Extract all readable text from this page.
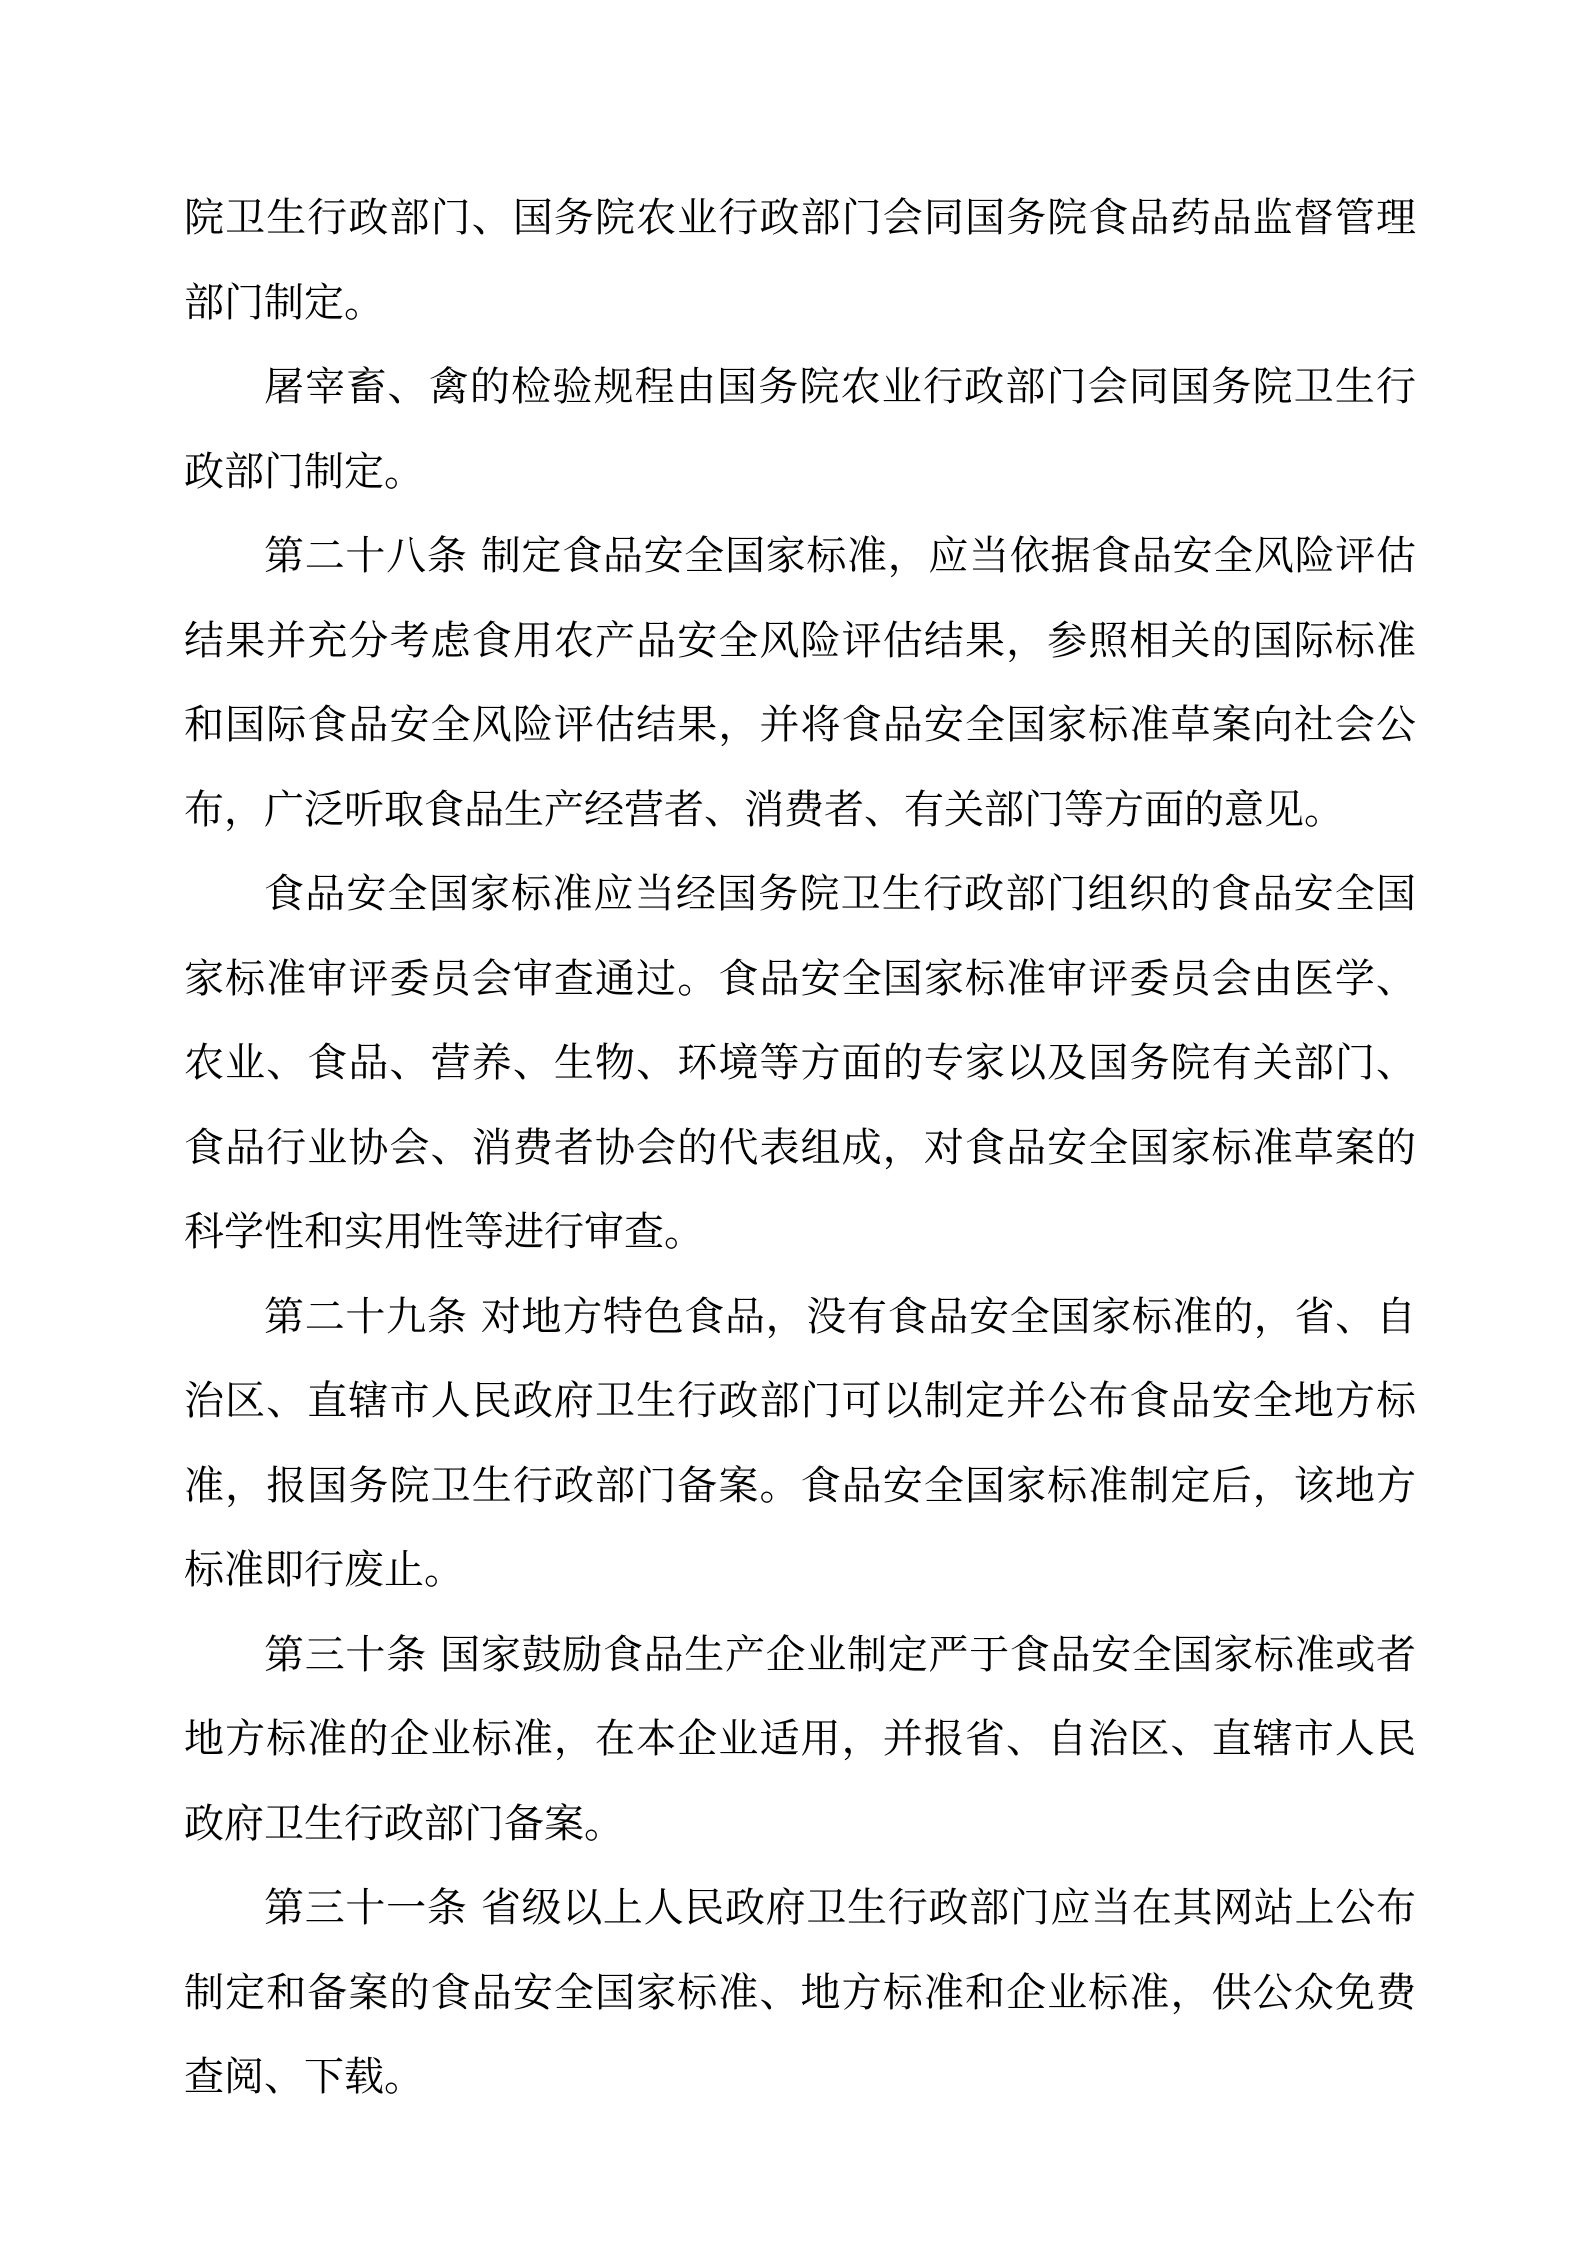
院卫生行政部门、国务院农业行政部门会同国务院食品药品监督管理部门制定。

屠宰畜、禽的检验规程由国务院农业行政部门会同国务院卫生行政部门制定。

第二十八条 制定食品安全国家标准，应当依据食品安全风险评估结果并充分考虑食用农产品安全风险评估结果，参照相关的国际标准和国际食品安全风险评估结果，并将食品安全国家标准草案向社会公布，广泛听取食品生产经营者、消费者、有关部门等方面的意见。

食品安全国家标准应当经国务院卫生行政部门组织的食品安全国家标准审评委员会审查通过。食品安全国家标准审评委员会由医学、农业、食品、营养、生物、环境等方面的专家以及国务院有关部门、食品行业协会、消费者协会的代表组成，对食品安全国家标准草案的科学性和实用性等进行审查。

第二十九条 对地方特色食品，没有食品安全国家标准的，省、自治区、直辖市人民政府卫生行政部门可以制定并公布食品安全地方标准，报国务院卫生行政部门备案。食品安全国家标准制定后，该地方标准即行废止。

第三十条 国家鼓励食品生产企业制定严于食品安全国家标准或者地方标准的企业标准，在本企业适用，并报省、自治区、直辖市人民政府卫生行政部门备案。

第三十一条 省级以上人民政府卫生行政部门应当在其网站上公布制定和备案的食品安全国家标准、地方标准和企业标准，供公众免费查阅、下载。
